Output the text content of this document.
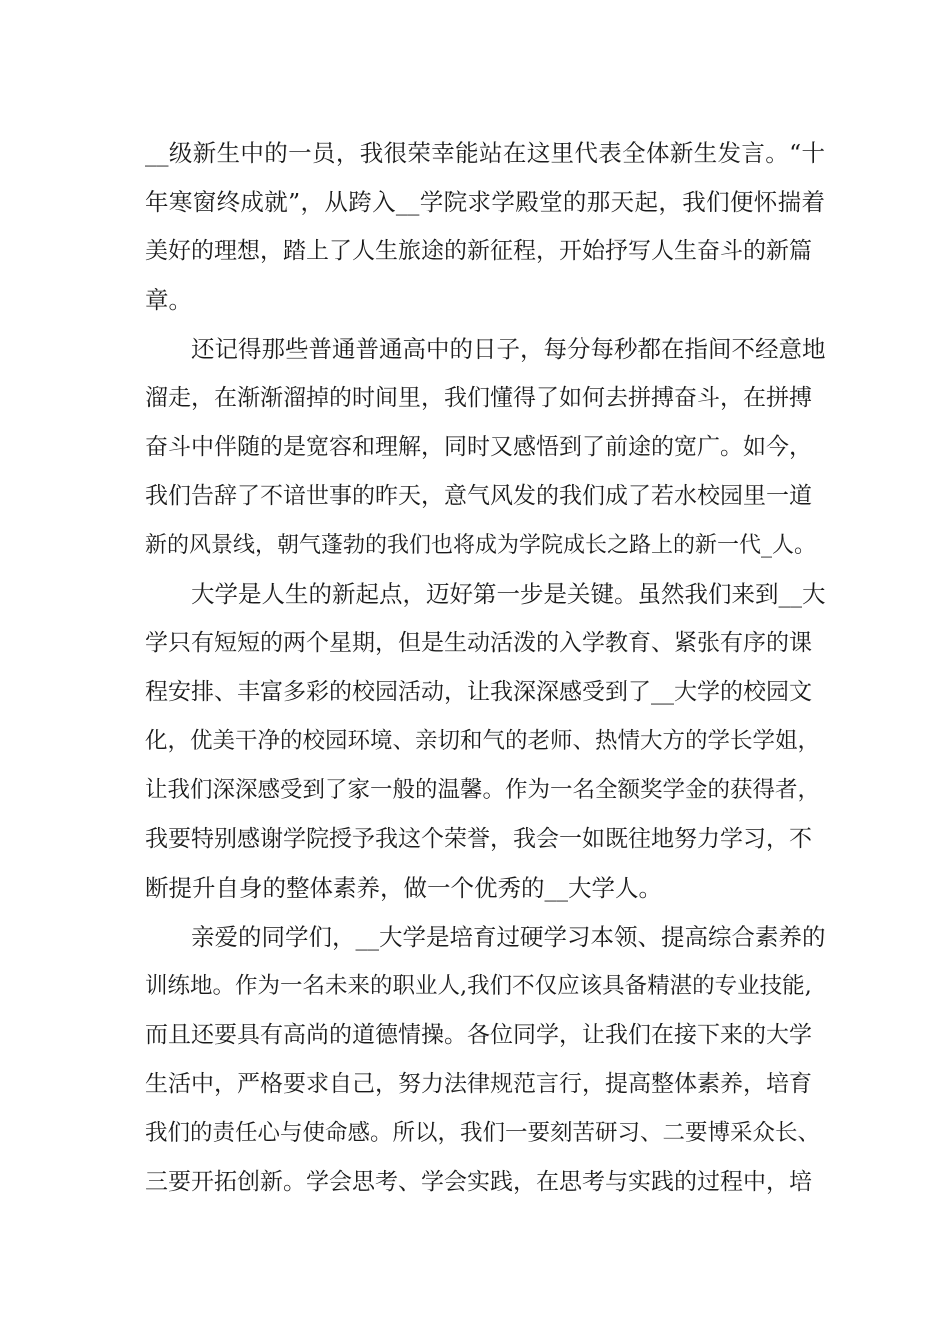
__级新生中的一员，我很荣幸能站在这里代表全体新生发言。“十
年寒窗终成就”，从跨入__学院求学殿堂的那天起，我们便怀揣着
美好的理想，踏上了人生旅途的新征程，开始抒写人生奋斗的新篇
章。
还记得那些普通普通高中的日子，每分每秒都在指间不经意地
溜走，在渐渐溜掉的时间里，我们懂得了如何去拼搏奋斗，在拼搏
奋斗中伴随的是宽容和理解，同时又感悟到了前途的宽广。如今，
我们告辞了不谙世事的昨天，意气风发的我们成了若水校园里一道
新的风景线，朝气蓬勃的我们也将成为学院成长之路上的新一代_人。
大学是人生的新起点，迈好第一步是关键。虽然我们来到__大
学只有短短的两个星期，但是生动活泼的入学教育、紧张有序的课
程安排、丰富多彩的校园活动，让我深深感受到了__大学的校园文
化，优美干净的校园环境、亲切和气的老师、热情大方的学长学姐，
让我们深深感受到了家一般的温馨。作为一名全额奖学金的获得者，
我要特别感谢学院授予我这个荣誉，我会一如既往地努力学习，不
断提升自身的整体素养，做一个优秀的__大学人。
亲爱的同学们，__大学是培育过硬学习本领、提高综合素养的
训练地。作为一名未来的职业人,我们不仅应该具备精湛的专业技能,
而且还要具有高尚的道德情操。各位同学，让我们在接下来的大学
生活中，严格要求自己，努力法律规范言行，提高整体素养，培育
我们的责任心与使命感。所以，我们一要刻苦研习、二要博采众长、
三要开拓创新。学会思考、学会实践，在思考与实践的过程中，培
